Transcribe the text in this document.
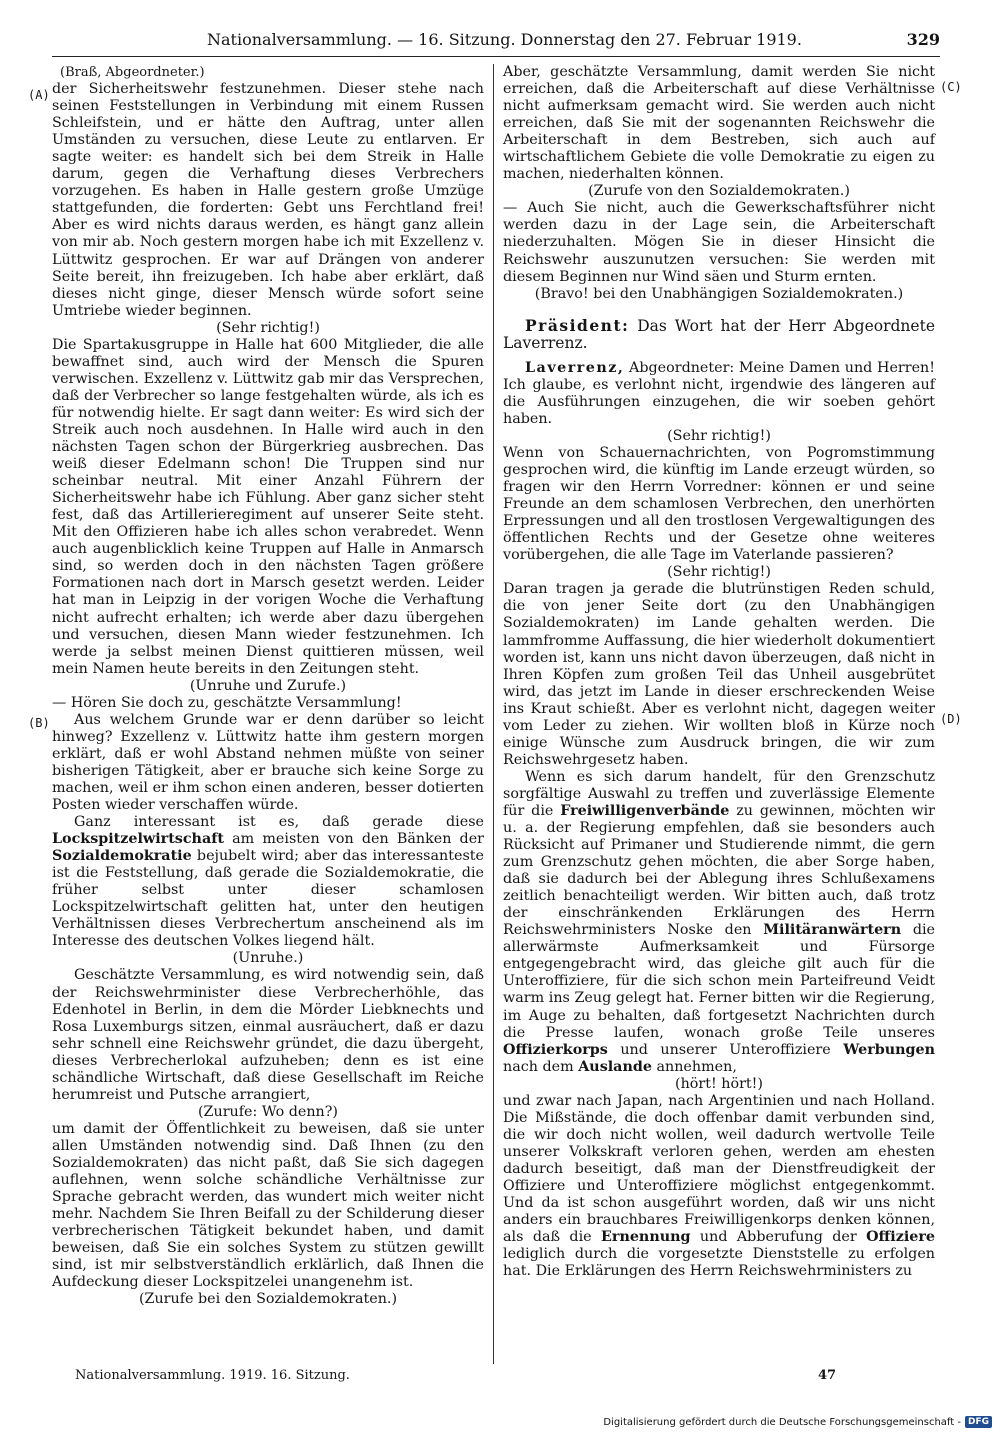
Nationalversammlung. — 16. Sitzung. Donnerstag den 27. Februar 1919.	329
(A)
(B)
(C)
(D)

(Braß, Abgeordneter.)

der Sicherheitswehr festzunehmen. Dieser stehe nach seinen Feststellungen in Verbindung mit einem Russen Schleifstein, und er hätte den Auftrag, unter allen Umständen zu versuchen, diese Leute zu entlarven. Er sagte weiter: es handelt sich bei dem Streik in Halle darum, gegen die Verhaftung dieses Verbrechers vorzugehen. Es haben in Halle gestern große Umzüge stattgefunden, die forderten: Gebt uns Ferchtland frei! Aber es wird nichts daraus werden, es hängt ganz allein von mir ab. Noch gestern morgen habe ich mit Exzellenz v. Lüttwitz gesprochen. Er war auf Drängen von anderer Seite bereit, ihn freizugeben. Ich habe aber erklärt, daß dieses nicht ginge, dieser Mensch würde sofort seine Umtriebe wieder beginnen.

(Sehr richtig!)

Die Spartakusgruppe in Halle hat 600 Mitglieder, die alle bewaffnet sind, auch wird der Mensch die Spuren verwischen. Exzellenz v. Lüttwitz gab mir das Versprechen, daß der Verbrecher so lange festgehalten würde, als ich es für notwendig hielte. Er sagt dann weiter: Es wird sich der Streik auch noch ausdehnen. In Halle wird auch in den nächsten Tagen schon der Bürgerkrieg ausbrechen. Das weiß dieser Edelmann schon! Die Truppen sind nur scheinbar neutral. Mit einer Anzahl Führern der Sicherheitswehr habe ich Fühlung. Aber ganz sicher steht fest, daß das Artillerieregiment auf unserer Seite steht. Mit den Offizieren habe ich alles schon verabredet. Wenn auch augenblicklich keine Truppen auf Halle in Anmarsch sind, so werden doch in den nächsten Tagen größere Formationen nach dort in Marsch gesetzt werden. Leider hat man in Leipzig in der vorigen Woche die Verhaftung nicht aufrecht erhalten; ich werde aber dazu übergehen und versuchen, diesen Mann wieder festzunehmen. Ich werde ja selbst meinen Dienst quittieren müssen, weil mein Namen heute bereits in den Zeitungen steht.

(Unruhe und Zurufe.)

— Hören Sie doch zu, geschätzte Versammlung!

Aus welchem Grunde war er denn darüber so leicht hinweg? Exzellenz v. Lüttwitz hatte ihm gestern morgen erklärt, daß er wohl Abstand nehmen müßte von seiner bisherigen Tätigkeit, aber er brauche sich keine Sorge zu machen, weil er ihm schon einen anderen, besser dotierten Posten wieder verschaffen würde.

Ganz interessant ist es, daß gerade diese Lockspitzelwirtschaft am meisten von den Bänken der Sozialdemokratie bejubelt wird; aber das interessanteste ist die Feststellung, daß gerade die Sozialdemokratie, die früher selbst unter dieser schamlosen Lockspitzelwirtschaft gelitten hat, unter den heutigen Verhältnissen dieses Verbrechertum anscheinend als im Interesse des deutschen Volkes liegend hält.

(Unruhe.)

Geschätzte Versammlung, es wird notwendig sein, daß der Reichswehrminister diese Verbrecherhöhle, das Edenhotel in Berlin, in dem die Mörder Liebknechts und Rosa Luxemburgs sitzen, einmal ausräuchert, daß er dazu sehr schnell eine Reichswehr gründet, die dazu übergeht, dieses Verbrecherlokal aufzuheben; denn es ist eine schändliche Wirtschaft, daß diese Gesellschaft im Reiche herumreist und Putsche arrangiert,

(Zurufe: Wo denn?)

um damit der Öffentlichkeit zu beweisen, daß sie unter allen Umständen notwendig sind. Daß Ihnen (zu den Sozialdemokraten) das nicht paßt, daß Sie sich dagegen auflehnen, wenn solche schändliche Verhältnisse zur Sprache gebracht werden, das wundert mich weiter nicht mehr. Nachdem Sie Ihren Beifall zu der Schilderung dieser verbrecherischen Tätigkeit bekundet haben, und damit beweisen, daß Sie ein solches System zu stützen gewillt sind, ist mir selbstverständlich erklärlich, daß Ihnen die Aufdeckung dieser Lockspitzelei unangenehm ist.

(Zurufe bei den Sozialdemokraten.)

Aber, geschätzte Versammlung, damit werden Sie nicht erreichen, daß die Arbeiterschaft auf diese Verhältnisse nicht aufmerksam gemacht wird. Sie werden auch nicht erreichen, daß Sie mit der sogenannten Reichswehr die Arbeiterschaft in dem Bestreben, sich auch auf wirtschaftlichem Gebiete die volle Demokratie zu eigen zu machen, niederhalten können.

(Zurufe von den Sozialdemokraten.)

— Auch Sie nicht, auch die Gewerkschaftsführer nicht werden dazu in der Lage sein, die Arbeiterschaft niederzuhalten. Mögen Sie in dieser Hinsicht die Reichswehr auszunutzen versuchen: Sie werden mit diesem Beginnen nur Wind säen und Sturm ernten.

(Bravo! bei den Unabhängigen Sozialdemokraten.)

Präsident: Das Wort hat der Herr Abgeordnete Laverrenz.

Laverrenz, Abgeordneter: Meine Damen und Herren! Ich glaube, es verlohnt nicht, irgendwie des längeren auf die Ausführungen einzugehen, die wir soeben gehört haben.

(Sehr richtig!)

Wenn von Schauernachrichten, von Pogromstimmung gesprochen wird, die künftig im Lande erzeugt würden, so fragen wir den Herrn Vorredner: können er und seine Freunde an dem schamlosen Verbrechen, den unerhörten Erpressungen und all den trostlosen Vergewaltigungen des öffentlichen Rechts und der Gesetze ohne weiteres vorübergehen, die alle Tage im Vaterlande passieren?

(Sehr richtig!)

Daran tragen ja gerade die blutrünstigen Reden schuld, die von jener Seite dort (zu den Unabhängigen Sozialdemokraten) im Lande gehalten werden. Die lammfromme Auffassung, die hier wiederholt dokumentiert worden ist, kann uns nicht davon überzeugen, daß nicht in Ihren Köpfen zum großen Teil das Unheil ausgebrütet wird, das jetzt im Lande in dieser erschreckenden Weise ins Kraut schießt. Aber es verlohnt nicht, dagegen weiter vom Leder zu ziehen. Wir wollten bloß in Kürze noch einige Wünsche zum Ausdruck bringen, die wir zum Reichswehrgesetz haben.

Wenn es sich darum handelt, für den Grenzschutz sorgfältige Auswahl zu treffen und zuverlässige Elemente für die Freiwilligenverbände zu gewinnen, möchten wir u. a. der Regierung empfehlen, daß sie besonders auch Rücksicht auf Primaner und Studierende nimmt, die gern zum Grenzschutz gehen möchten, die aber Sorge haben, daß sie dadurch bei der Ablegung ihres Schlußexamens zeitlich benachteiligt werden. Wir bitten auch, daß trotz der einschränkenden Erklärungen des Herrn Reichswehrministers Noske den Militäranwärtern die allerwärmste Aufmerksamkeit und Fürsorge entgegengebracht wird, das gleiche gilt auch für die Unteroffiziere, für die sich schon mein Parteifreund Veidt warm ins Zeug gelegt hat. Ferner bitten wir die Regierung, im Auge zu behalten, daß fortgesetzt Nachrichten durch die Presse laufen, wonach große Teile unseres Offizierkorps und unserer Unteroffiziere Werbungen nach dem Auslande annehmen,

(hört! hört!)

und zwar nach Japan, nach Argentinien und nach Holland. Die Mißstände, die doch offenbar damit verbunden sind, die wir doch nicht wollen, weil dadurch wertvolle Teile unserer Volkskraft verloren gehen, werden am ehesten dadurch beseitigt, daß man der Dienstfreudigkeit der Offiziere und Unteroffiziere möglichst entgegenkommt. Und da ist schon ausgeführt worden, daß wir uns nicht anders ein brauchbares Freiwilligenkorps denken können, als daß die Ernennung und Abberufung der Offiziere lediglich durch die vorgesetzte Dienststelle zu erfolgen hat. Die Erklärungen des Herrn Reichswehrministers zu

Nationalversammlung. 1919. 16. Sitzung.	47
Digitalisierung gefördert durch die Deutsche Forschungsgemeinschaft - DFG
